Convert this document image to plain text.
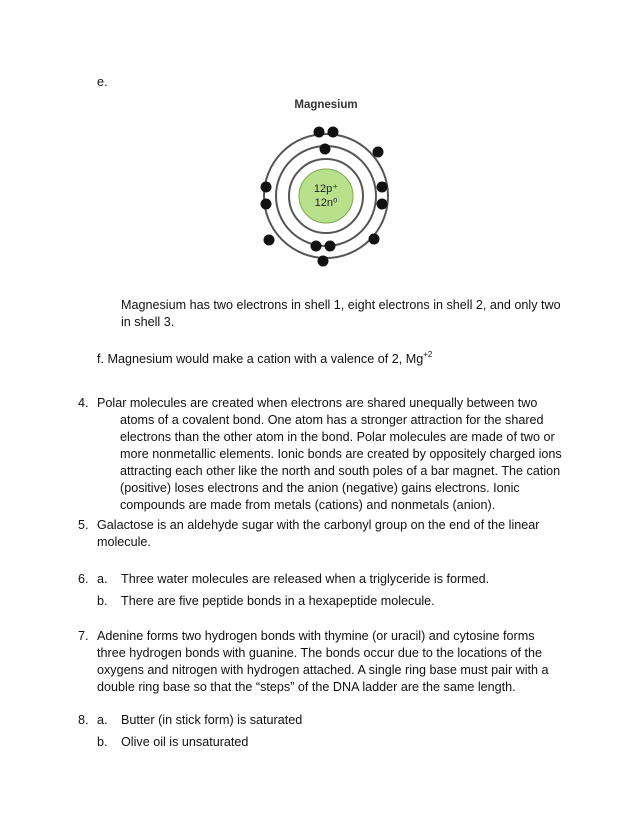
e.
Magnesium
12p⁺
12n⁰
Magnesium has two electrons in shell 1, eight electrons in shell 2, and only two
in shell 3.
f. Magnesium would make a cation with a valence of 2, $Mg^{+2}$
4. Polar molecules are created when electrons are shared unequally between two
atoms of a covalent bond. One atom has a stronger attraction for the shared
electrons than the other atom in the bond. Polar molecules are made of two or
more nonmetallic elements. Ionic bonds are created by oppositely charged ions
attracting each other like the north and south poles of a bar magnet. The cation
(positive) loses electrons and the anion (negative) gains electrons. Ionic
compounds are made from metals (cations) and nonmetals (anion).
5. Galactose is an aldehyde sugar with the carbonyl group on the end of the linear
molecule.
6. a. Three water molecules are released when a triglyceride is formed.
b. There are five peptide bonds in a hexapeptide molecule.
7. Adenine forms two hydrogen bonds with thymine (or uracil) and cytosine forms
three hydrogen bonds with guanine. The bonds occur due to the locations of the
oxygens and nitrogen with hydrogen attached. A single ring base must pair with a
double ring base so that the “steps” of the DNA ladder are the same length.
8. a. Butter (in stick form) is saturated
b. Olive oil is unsaturated
